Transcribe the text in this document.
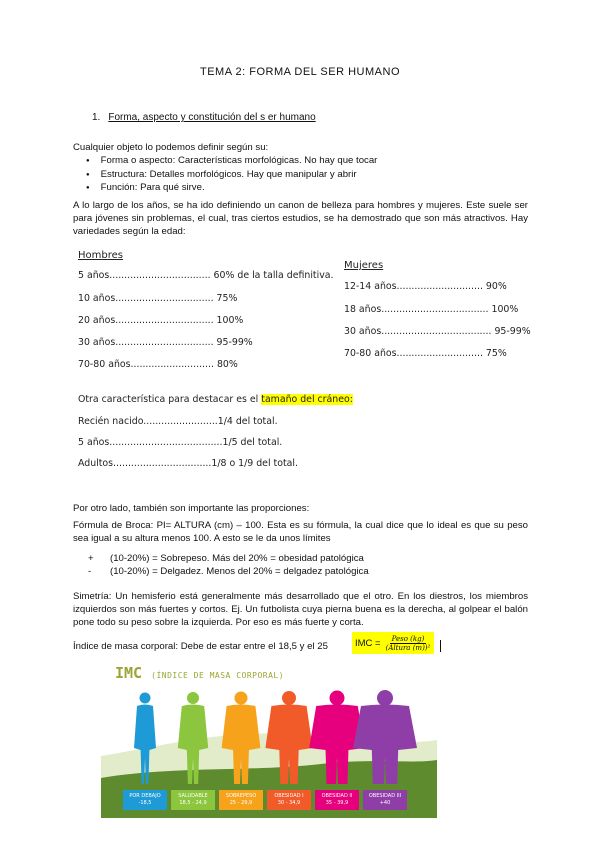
TEMA 2: FORMA DEL SER HUMANO
1. Forma, aspecto y constitución del s er humano
Cualquier objeto lo podemos definir según su:
● Forma o aspecto: Características morfológicas. No hay que tocar
● Estructura: Detalles morfológicos. Hay que manipular y abrir
● Función: Para qué sirve.
A lo largo de los años, se ha ido definiendo un canon de belleza para hombres y mujeres. Este suele ser para jóvenes sin problemas, el cual, tras ciertos estudios, se ha demostrado que son más atractivos. Hay variedades según la edad:
Hombres
5 años.................................. 60% de la talla definitiva.
10 años................................. 75%
20 años................................. 100%
30 años................................. 95-99%
70-80 años............................ 80%
Mujeres
12-14 años............................. 90%
18 años.................................... 100%
30 años..................................... 95-99%
70-80 años............................. 75%
Otra característica para destacar es el tamaño del cráneo:
Recién nacido.........................1/4 del total.
5 años......................................1/5 del total.
Adultos.................................1/8 o 1/9 del total.
Por otro lado, también son importante las proporciones:
Fórmula de Broca: PI= ALTURA (cm) – 100. Esta es su fórmula, la cual dice que lo ideal es que su peso sea igual a su altura menos 100. A esto se le da unos límites
+ (10-20%) = Sobrepeso. Más del 20% = obesidad patológica
- (10-20%) = Delgadez. Menos del 20% = delgadez patológica
Simetría: Un hemisferio está generalmente más desarrollado que el otro. En los diestros, los miembros izquierdos son más fuertes y cortos. Ej. Un futbolista cuya pierna buena es la derecha, al golpear el balón pone todo su peso sobre la izquierda. Por eso es más fuerte y corta.
Índice de masa corporal: Debe de estar entre el 18,5 y el 25	IMC = $\frac{\text{Peso (kg)}}{\text{(Altura (m))²}}$
IMC (ÍNDICE DE MASA CORPORAL)
POR DEBAJO
-18,5
SALUDABLE
18,5 - 24,9
SOBREPESO
25 - 29,9
OBESIDAD I
30 - 34,9
OBESIDAD II
35 - 39,9
OBESIDAD III
+40
